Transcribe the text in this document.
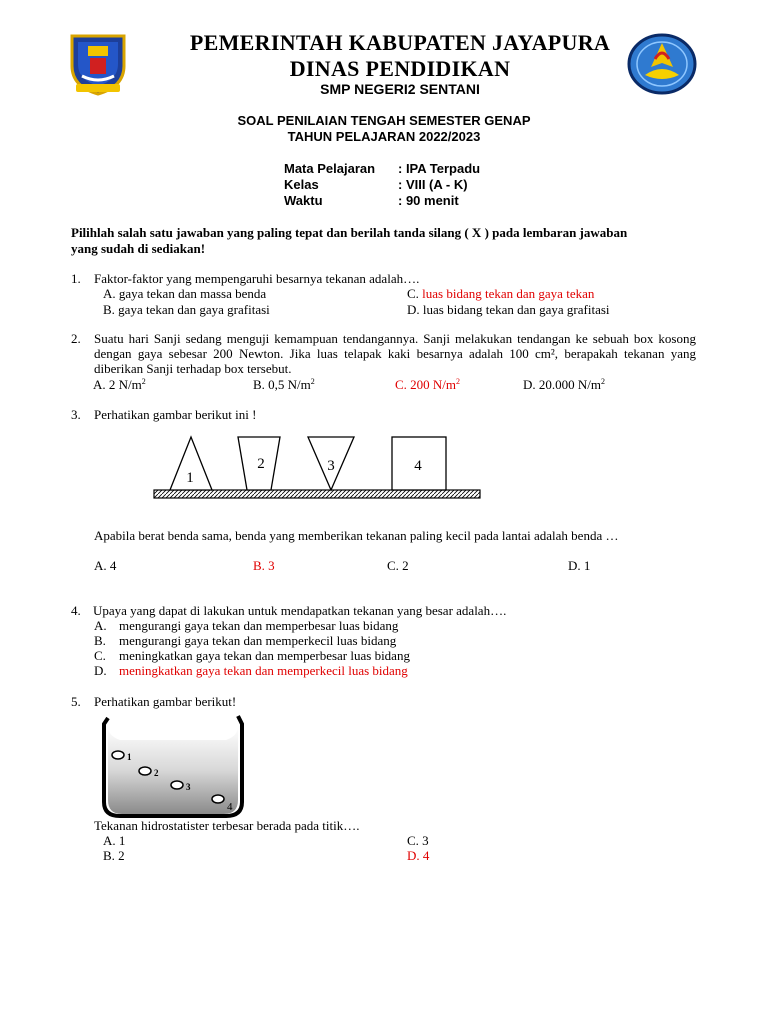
PEMERINTAH KABUPATEN JAYAPURA
DINAS PENDIDIKAN
SMP NEGERI2 SENTANI
SOAL PENILAIAN TENGAH SEMESTER GENAP
TAHUN PELAJARAN 2022/2023
Mata Pelajaran : IPA Terpadu
Kelas	: VIII (A - K)
Waktu	: 90 menit
Pilihlah salah satu jawaban yang paling tepat dan berilah tanda silang ( X ) pada lembaran jawaban yang sudah di sediakan!
1. Faktor-faktor yang mempengaruhi besarnya tekanan adalah….
A. gaya tekan dan massa benda	C. luas bidang tekan dan gaya tekan
B. gaya tekan dan gaya grafitasi	D. luas bidang tekan dan gaya grafitasi
2. Suatu hari Sanji sedang menguji kemampuan tendangannya. Sanji melakukan tendangan ke sebuah box kosong dengan gaya sebesar 200 Newton. Jika luas telapak kaki besarnya adalah 100 cm², berapakah tekanan yang diberikan Sanji terhadap box tersebut.
A. 2 $N/m^2$	B. 0,5 $N/m^2$	C. 200 $N/m^2$	D. 20.000 $N/m^2$
3. Perhatikan gambar berikut ini !
1
2	3	4
Apabila berat benda sama, benda yang memberikan tekanan paling kecil pada lantai adalah benda …
A. 4	B. 3	C. 2	D. 1
4. Upaya yang dapat di lakukan untuk mendapatkan tekanan yang besar adalah….
A. mengurangi gaya tekan dan memperbesar luas bidang
B. mengurangi gaya tekan dan memperkecil luas bidang
C. meningkatkan gaya tekan dan memperbesar luas bidang
D. meningkatkan gaya tekan dan memperkecil luas bidang
5. Perhatikan gambar berikut!
1
2
3
4
Tekanan hidrostatister terbesar berada pada titik….
A. 1	C. 3
B. 2	D. 4
